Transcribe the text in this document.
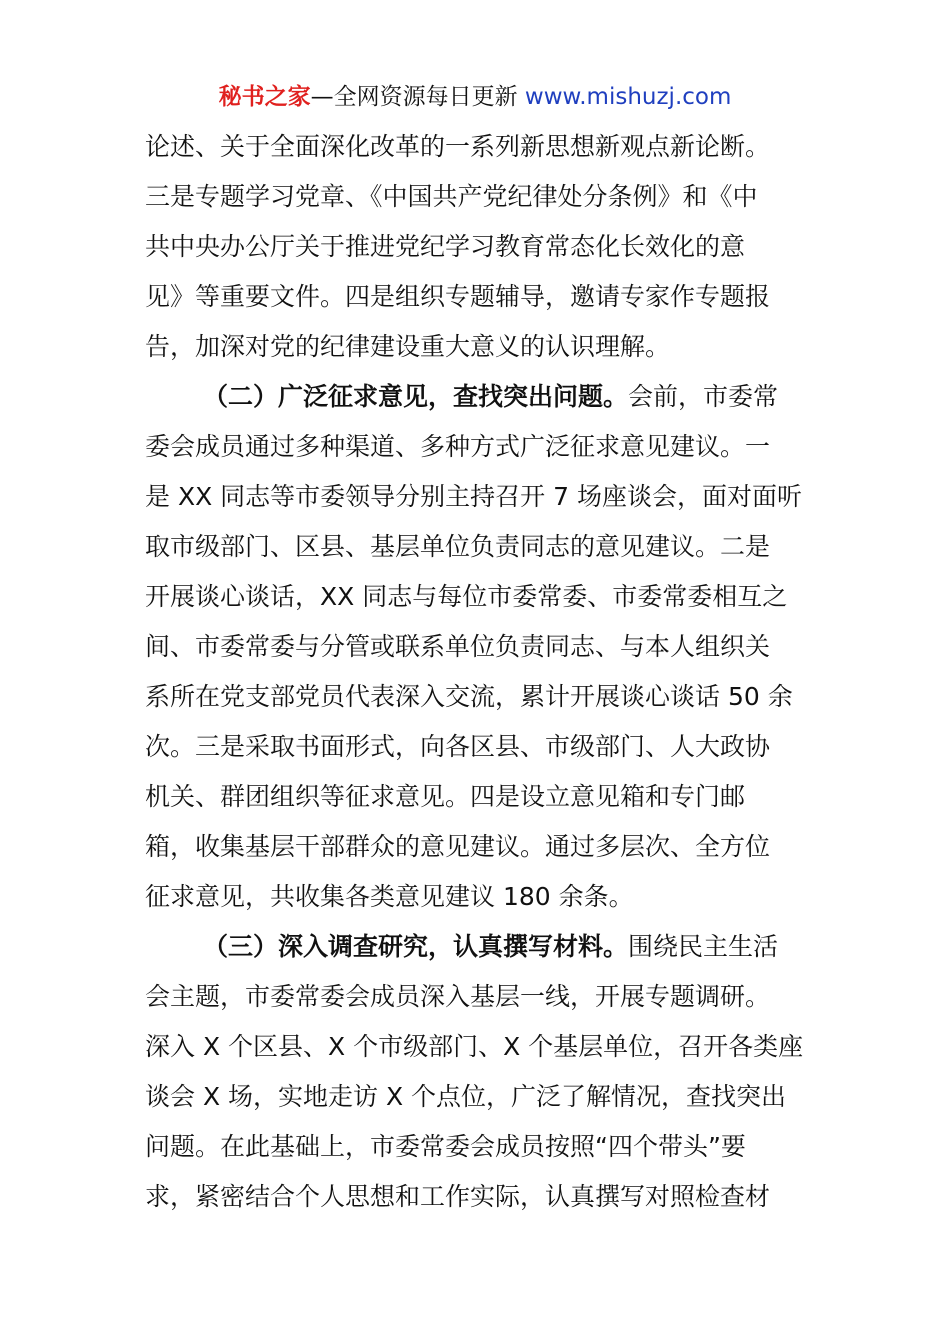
秘书之家—全网资源每日更新 www.mishuzj.com
论述、关于全面深化改革的一系列新思想新观点新论断。
三是专题学习党章、《中国共产党纪律处分条例》和《中
共中央办公厅关于推进党纪学习教育常态化长效化的意
见》等重要文件。四是组织专题辅导，邀请专家作专题报
告，加深对党的纪律建设重大意义的认识理解。
（二）广泛征求意见，查找突出问题。会前，市委常
委会成员通过多种渠道、多种方式广泛征求意见建议。一
是 XX 同志等市委领导分别主持召开 7 场座谈会，面对面听
取市级部门、区县、基层单位负责同志的意见建议。二是
开展谈心谈话，XX 同志与每位市委常委、市委常委相互之
间、市委常委与分管或联系单位负责同志、与本人组织关
系所在党支部党员代表深入交流，累计开展谈心谈话 50 余
次。三是采取书面形式，向各区县、市级部门、人大政协
机关、群团组织等征求意见。四是设立意见箱和专门邮
箱，收集基层干部群众的意见建议。通过多层次、全方位
征求意见，共收集各类意见建议 180 余条。
（三）深入调查研究，认真撰写材料。围绕民主生活
会主题，市委常委会成员深入基层一线，开展专题调研。
深入 X 个区县、X 个市级部门、X 个基层单位，召开各类座
谈会 X 场，实地走访 X 个点位，广泛了解情况，查找突出
问题。在此基础上，市委常委会成员按照“四个带头”要
求，紧密结合个人思想和工作实际，认真撰写对照检查材
